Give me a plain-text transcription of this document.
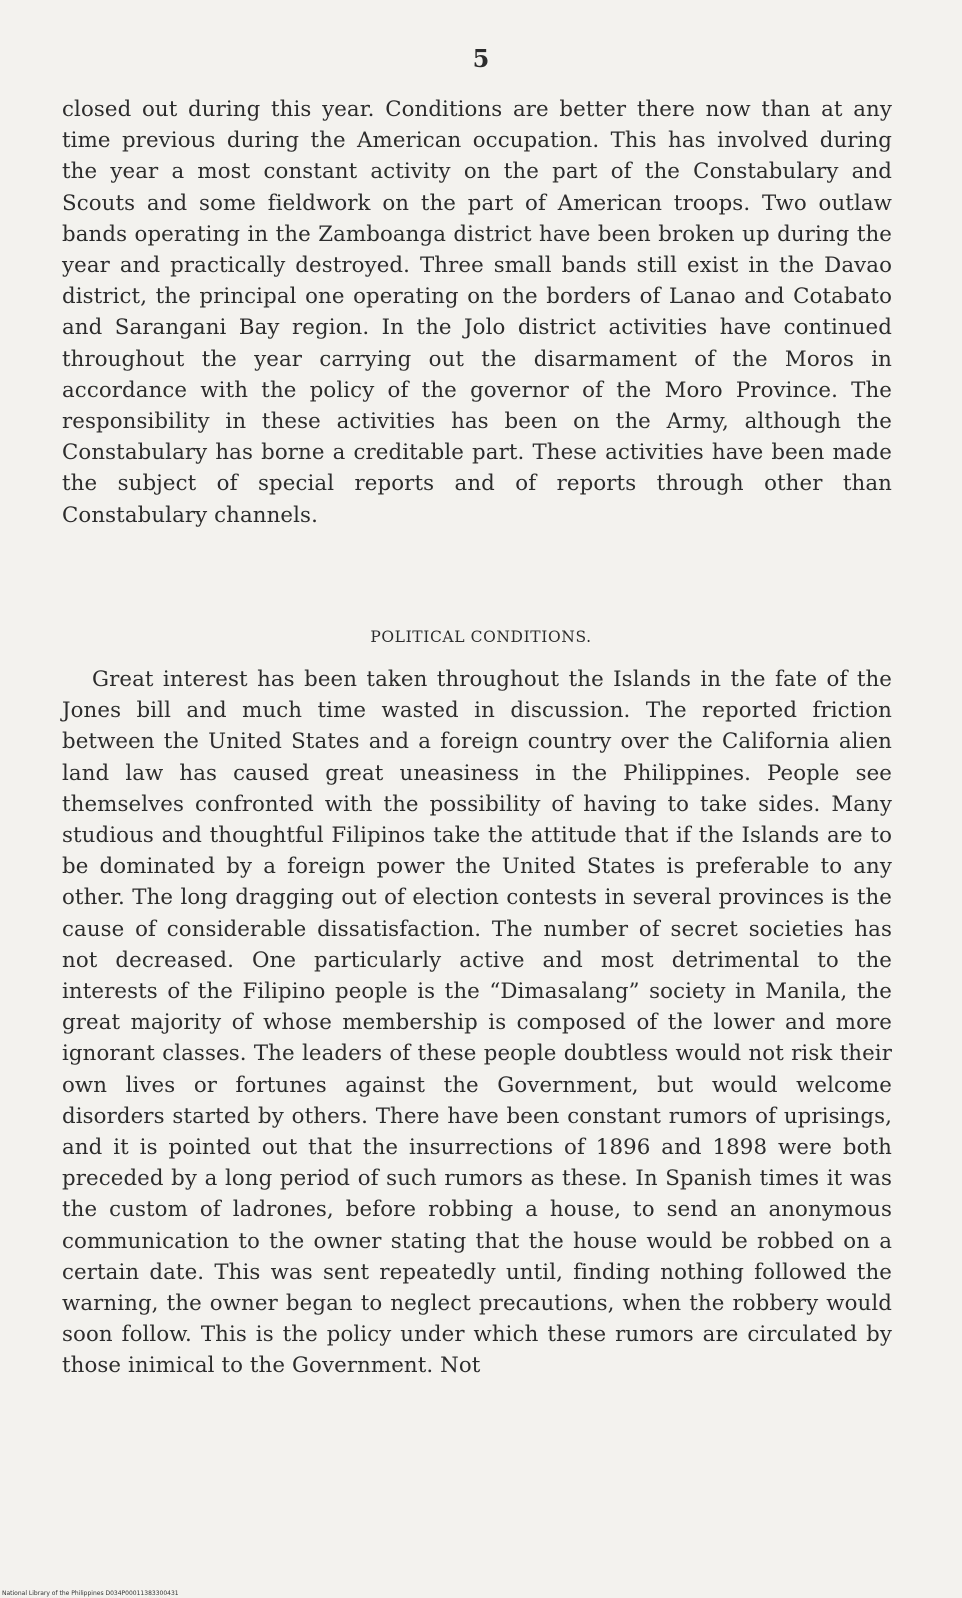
5
closed out during this year. Conditions are better there now than at any time previous during the American occupation. This has involved during the year a most constant activity on the part of the Constabulary and Scouts and some fieldwork on the part of American troops. Two outlaw bands operating in the Zamboanga district have been broken up during the year and practically destroyed. Three small bands still exist in the Davao district, the principal one operating on the borders of Lanao and Cotabato and Sarangani Bay region. In the Jolo district activities have continued throughout the year carrying out the disarmament of the Moros in accordance with the policy of the governor of the Moro Province. The responsibility in these activities has been on the Army, although the Constabulary has borne a creditable part. These activities have been made the subject of special reports and of reports through other than Constabulary channels.
POLITICAL CONDITIONS.
Great interest has been taken throughout the Islands in the fate of the Jones bill and much time wasted in discussion. The reported friction between the United States and a foreign country over the California alien land law has caused great uneasiness in the Philippines. People see themselves confronted with the possibility of having to take sides. Many studious and thoughtful Filipinos take the attitude that if the Islands are to be dominated by a foreign power the United States is preferable to any other. The long dragging out of election contests in several provinces is the cause of considerable dissatisfaction. The number of secret societies has not decreased. One particularly active and most detrimental to the interests of the Filipino people is the “Dimasalang” society in Manila, the great majority of whose membership is composed of the lower and more ignorant classes. The leaders of these people doubtless would not risk their own lives or fortunes against the Government, but would welcome disorders started by others. There have been constant rumors of uprisings, and it is pointed out that the insurrections of 1896 and 1898 were both preceded by a long period of such rumors as these. In Spanish times it was the custom of ladrones, before robbing a house, to send an anonymous communication to the owner stating that the house would be robbed on a certain date. This was sent repeatedly until, finding nothing followed the warning, the owner began to neglect precautions, when the robbery would soon follow. This is the policy under which these rumors are circulated by those inimical to the Government. Not
National Library of the Philippines D034P00011383300431
